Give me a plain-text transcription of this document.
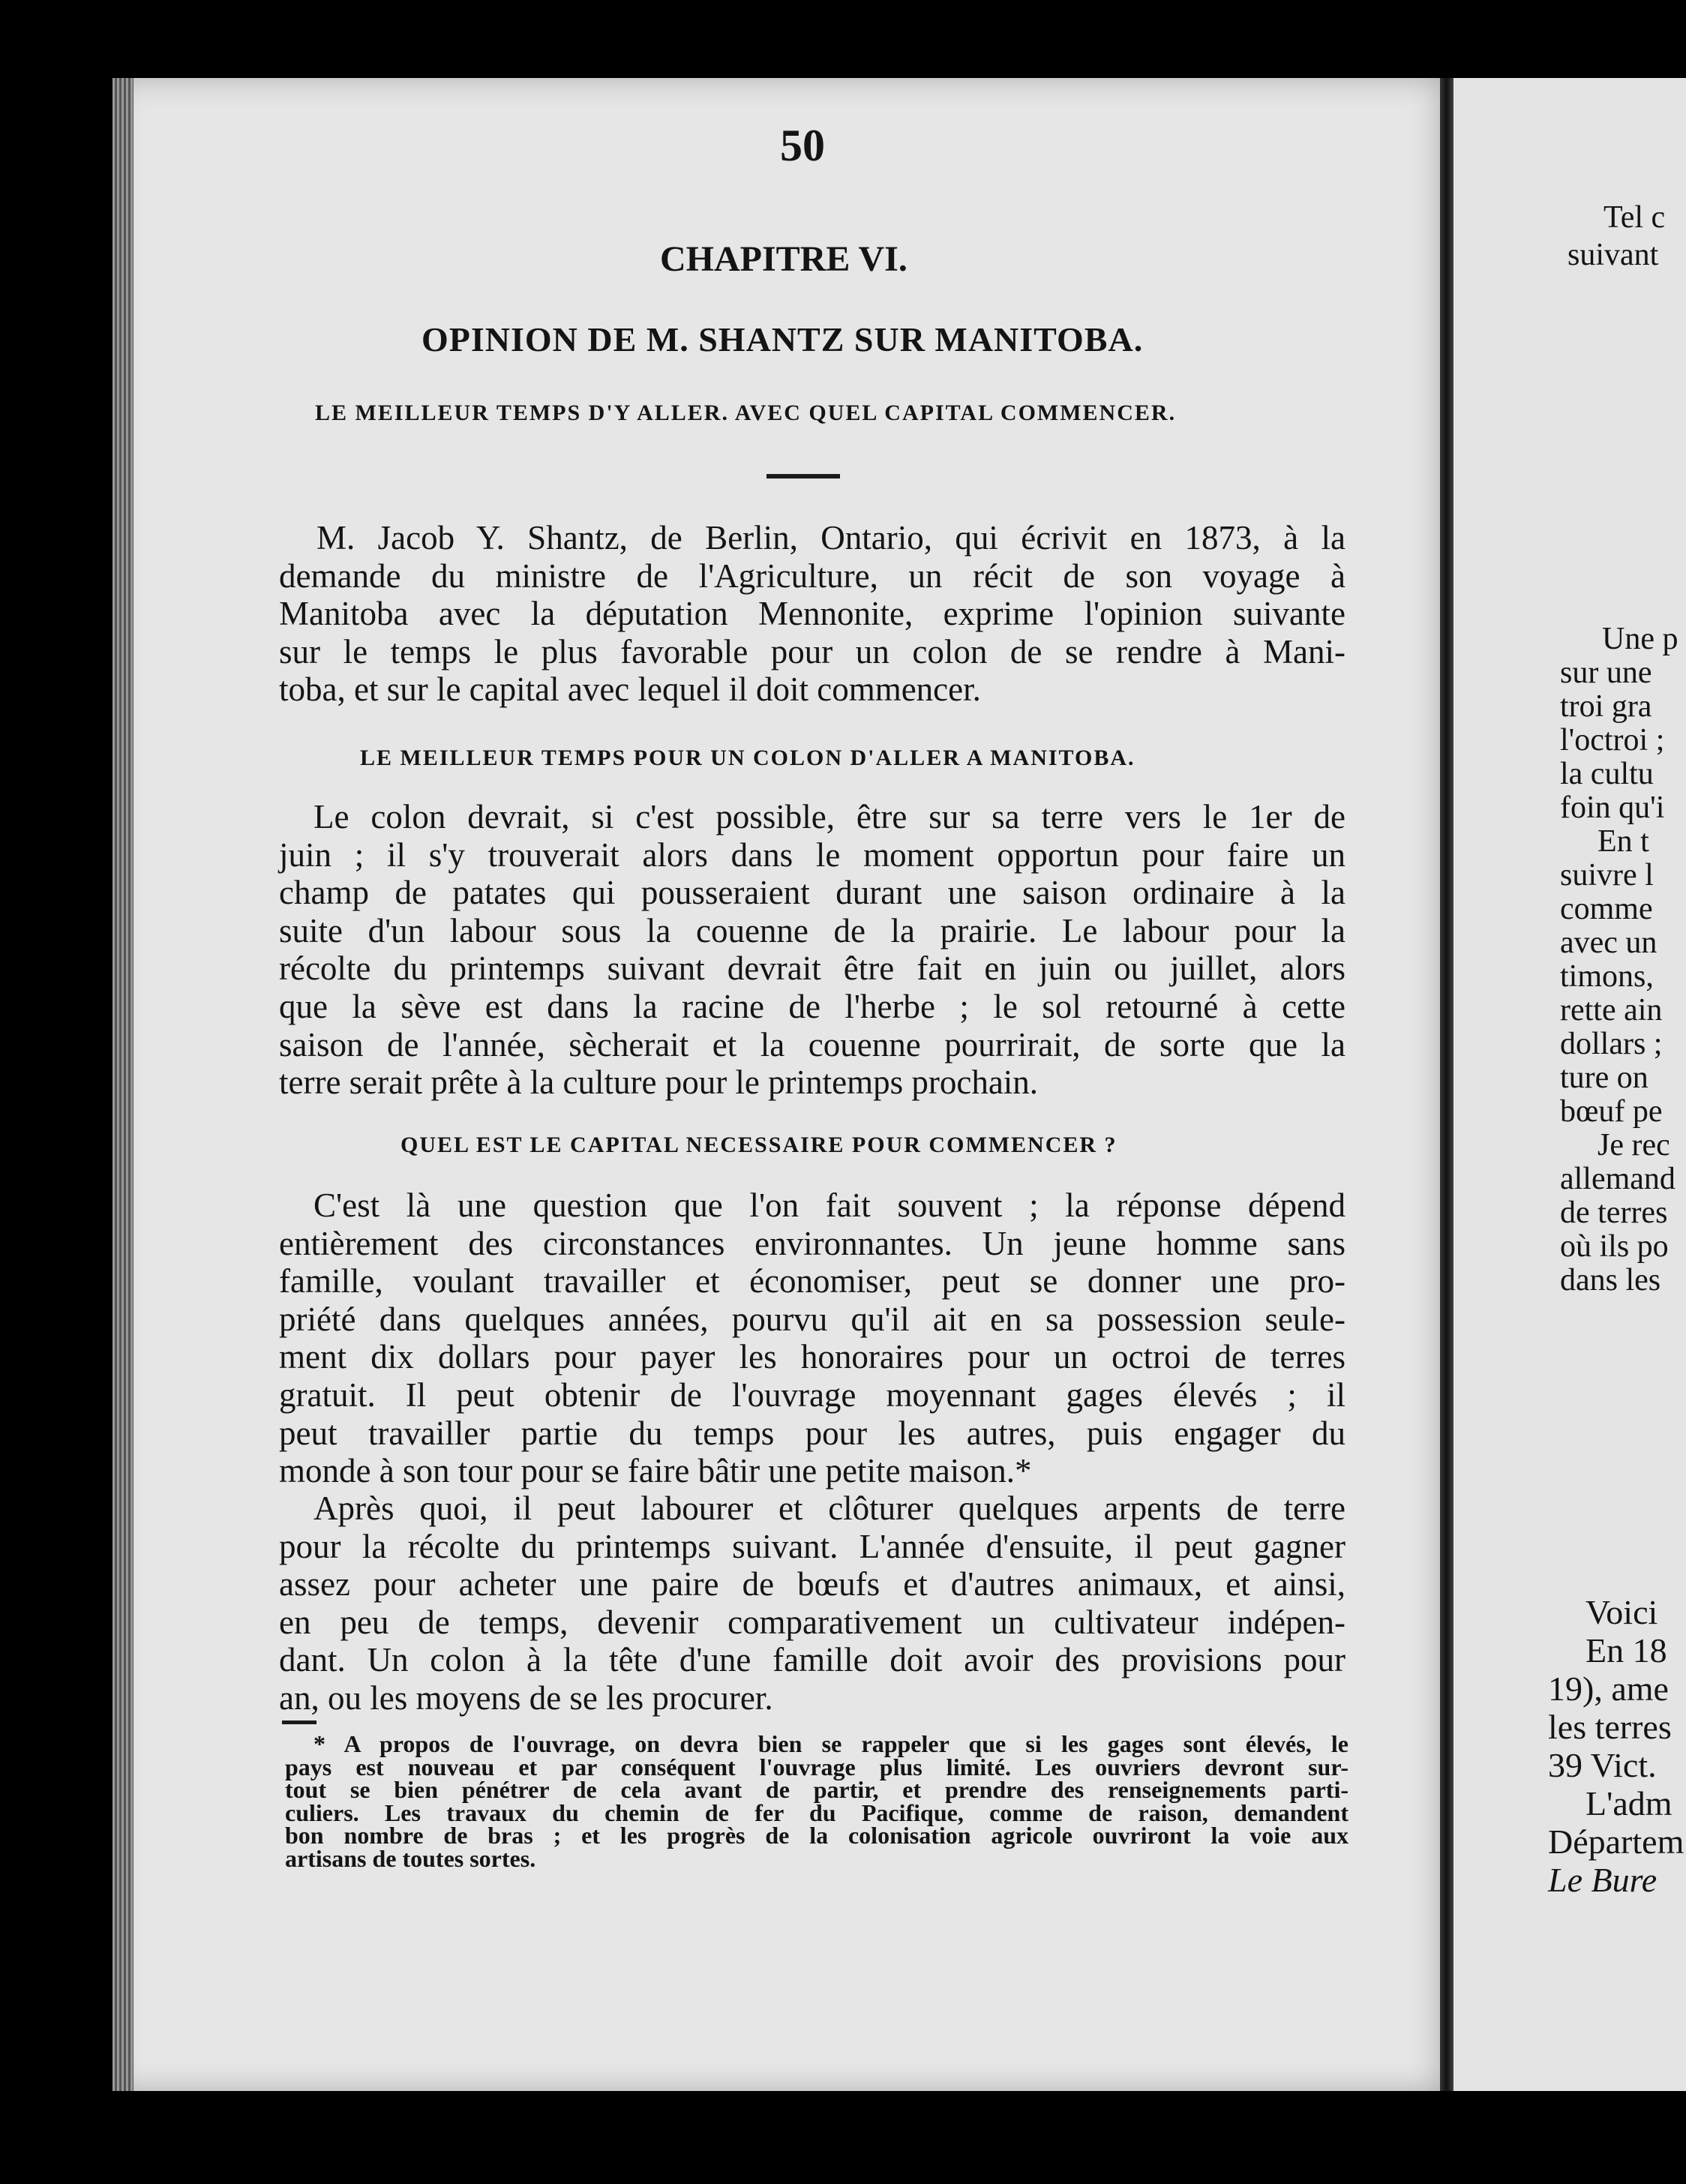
50
CHAPITRE VI.
OPINION DE M. SHANTZ SUR MANITOBA.
LE MEILLEUR TEMPS D'Y ALLER. AVEC QUEL CAPITAL COMMENCER.
M. Jacob Y. Shantz, de Berlin, Ontario, qui écrivit en 1873, à la
demande du ministre de l'Agriculture, un récit de son voyage à
Manitoba avec la députation Mennonite, exprime l'opinion suivante
sur le temps le plus favorable pour un colon de se rendre à Mani-
toba, et sur le capital avec lequel il doit commencer.
LE MEILLEUR TEMPS POUR UN COLON D'ALLER A MANITOBA.
Le colon devrait, si c'est possible, être sur sa terre vers le 1er de
juin ; il s'y trouverait alors dans le moment opportun pour faire un
champ de patates qui pousseraient durant une saison ordinaire à la
suite d'un labour sous la couenne de la prairie. Le labour pour la
récolte du printemps suivant devrait être fait en juin ou juillet, alors
que la sève est dans la racine de l'herbe ; le sol retourné à cette
saison de l'année, sècherait et la couenne pourrirait, de sorte que la
terre serait prête à la culture pour le printemps prochain.
QUEL EST LE CAPITAL NECESSAIRE POUR COMMENCER ?
C'est là une question que l'on fait souvent ; la réponse dépend
entièrement des circonstances environnantes. Un jeune homme sans
famille, voulant travailler et économiser, peut se donner une pro-
priété dans quelques années, pourvu qu'il ait en sa possession seule-
ment dix dollars pour payer les honoraires pour un octroi de terres
gratuit. Il peut obtenir de l'ouvrage moyennant gages élevés ; il
peut travailler partie du temps pour les autres, puis engager du
monde à son tour pour se faire bâtir une petite maison.*
Après quoi, il peut labourer et clôturer quelques arpents de terre
pour la récolte du printemps suivant. L'année d'ensuite, il peut gagner
assez pour acheter une paire de bœufs et d'autres animaux, et ainsi,
en peu de temps, devenir comparativement un cultivateur indépen-
dant. Un colon à la tête d'une famille doit avoir des provisions pour
an, ou les moyens de se les procurer.
* A propos de l'ouvrage, on devra bien se rappeler que si les gages sont élevés, le
pays est nouveau et par conséquent l'ouvrage plus limité. Les ouvriers devront sur-
tout se bien pénétrer de cela avant de partir, et prendre des renseignements parti-
culiers. Les travaux du chemin de fer du Pacifique, comme de raison, demandent
bon nombre de bras ; et les progrès de la colonisation agricole ouvriront la voie aux
artisans de toutes sortes.
Tel c
suivant
Une p
sur une
troi gra
l'octroi ;
la cultu
foin qu'i
En t
suivre l
comme
avec un
timons,
rette ain
dollars ;
ture on
bœuf pe
Je rec
allemand
de terres
où ils po
dans les
Voici
En 18
19), ame
les terres
39 Vict.
L'adm
Départem
Le Bure
